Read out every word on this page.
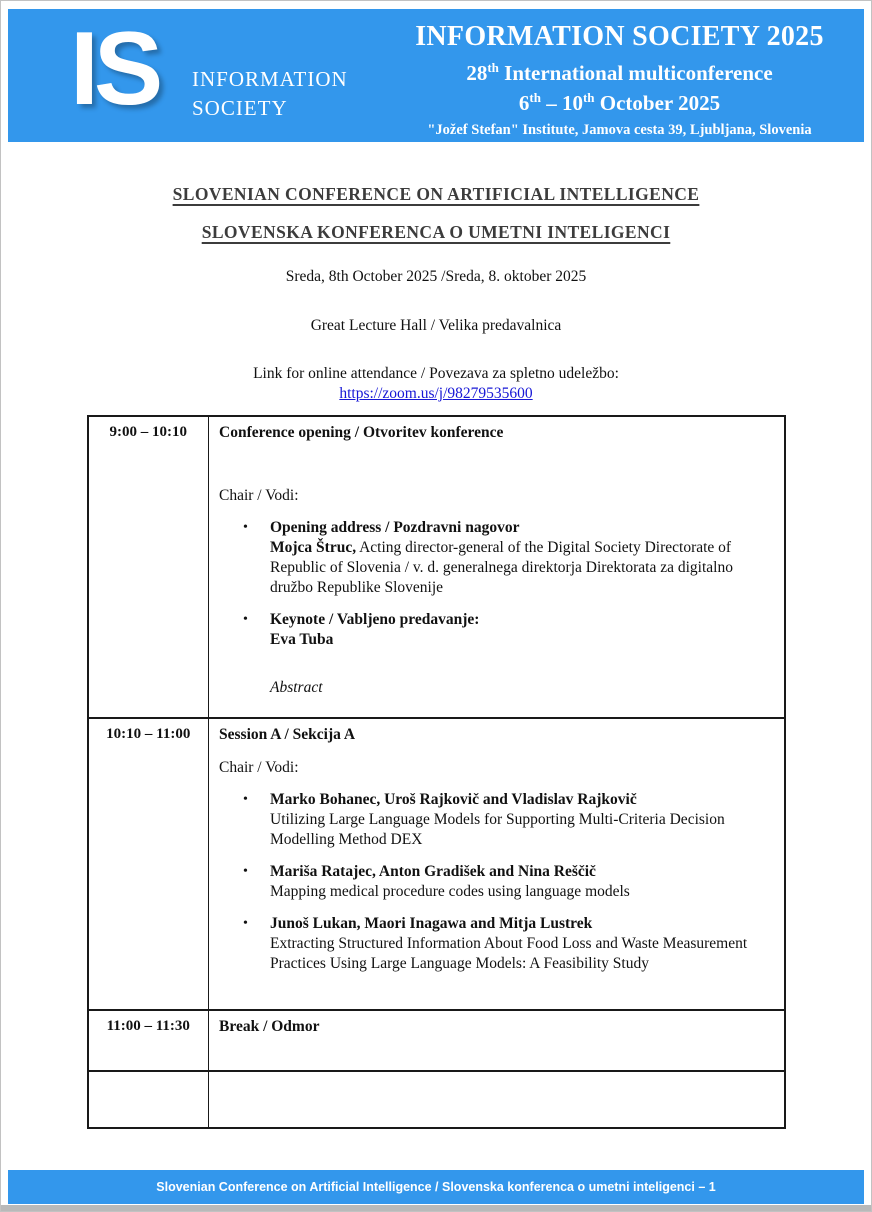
IS INFORMATION
SOCIETY
INFORMATION SOCIETY 2025
28th International multiconference
6th – 10th October 2025
"Jožef Stefan" Institute, Jamova cesta 39, Ljubljana, Slovenia
SLOVENIAN CONFERENCE ON ARTIFICIAL INTELLIGENCE
SLOVENSKA KONFERENCA O UMETNI INTELIGENCI
Sreda, 8th October 2025 /Sreda, 8. oktober 2025
Great Lecture Hall / Velika predavalnica
Link for online attendance / Povezava za spletno udeležbo:
https://zoom.us/j/98279535600
9:00 – 10:10	Conference opening / Otvoritev konference
Chair / Vodi:
•	Opening address / Pozdravni nagovor
Mojca Štruc, Acting director-general of the Digital Society Directorate of Republic of Slovenia / v. d. generalnega direktorja Direktorata za digitalno družbo Republike Slovenije
•	Keynote / Vabljeno predavanje:
Eva Tuba
Abstract

10:10 – 11:00	Session A / Sekcija A
Chair / Vodi:
•	Marko Bohanec, Uroš Rajkovič and Vladislav Rajkovič
Utilizing Large Language Models for Supporting Multi-Criteria Decision Modelling Method DEX
•	Mariša Ratajec, Anton Gradišek and Nina Reščič
Mapping medical procedure codes using language models
•	Junoš Lukan, Maori Inagawa and Mitja Lustrek
Extracting Structured Information About Food Loss and Waste Measurement Practices Using Large Language Models: A Feasibility Study

11:00 – 11:30	Break / Odmor

Slovenian Conference on Artificial Intelligence / Slovenska konferenca o umetni inteligenci – 1
